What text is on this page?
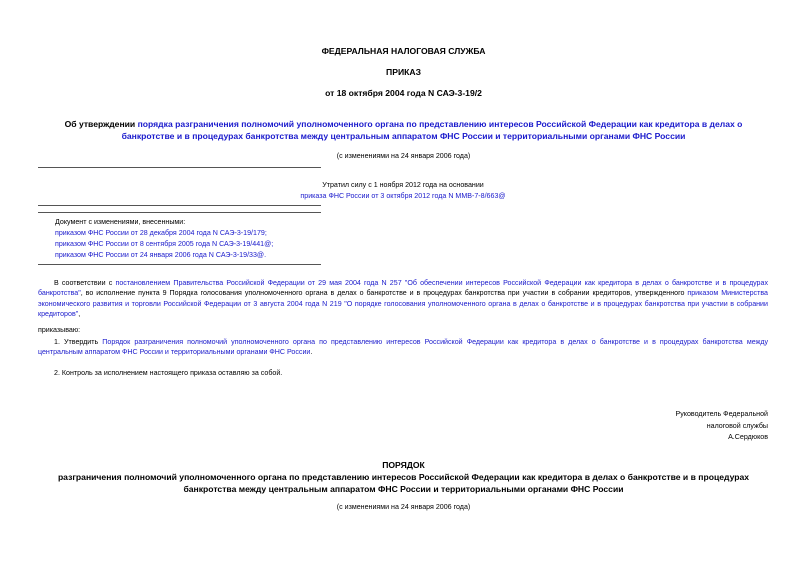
ФЕДЕРАЛЬНАЯ НАЛОГОВАЯ СЛУЖБА
ПРИКАЗ
от 18 октября 2004 года N САЭ-3-19/2
Об утверждении порядка разграничения полномочий уполномоченного органа по представлению интересов Российской Федерации как кредитора в делах о банкротстве и в процедурах банкротства между центральным аппаратом ФНС России и территориальными органами ФНС России
(с изменениями на 24 января 2006 года)
Утратил силу с 1 ноября 2012 года на основании
приказа ФНС России от 3 октября 2012 года N ММВ-7-8/663@
Документ с изменениями, внесенными:
приказом ФНС России от 28 декабря 2004 года N САЭ-3-19/179;
приказом ФНС России от 8 сентября 2005 года N САЭ-3-19/441@;
приказом ФНС России от 24 января 2006 года N САЭ-3-19/33@.
В соответствии с постановлением Правительства Российской Федерации от 29 мая 2004 года N 257 "Об обеспечении интересов Российской Федерации как кредитора в делах о банкротстве и в процедурах банкротства", во исполнение пункта 9 Порядка голосования уполномоченного органа в делах о банкротстве и в процедурах банкротства при участии в собрании кредиторов, утвержденного приказом Министерства экономического развития и торговли Российской Федерации от 3 августа 2004 года N 219 "О порядке голосования уполномоченного органа в делах о банкротстве и в процедурах банкротства при участии в собрании кредиторов",
приказываю:
1. Утвердить Порядок разграничения полномочий уполномоченного органа по представлению интересов Российской Федерации как кредитора в делах о банкротстве и в процедурах банкротства между центральным аппаратом ФНС России и территориальными органами ФНС России.
2. Контроль за исполнением настоящего приказа оставляю за собой.
Руководитель Федеральной
налоговой службы
А.Сердюков
ПОРЯДОК
разграничения полномочий уполномоченного органа по представлению интересов Российской Федерации как кредитора в делах о банкротстве и в процедурах банкротства между центральным аппаратом ФНС России и территориальными органами ФНС России
(с изменениями на 24 января 2006 года)
